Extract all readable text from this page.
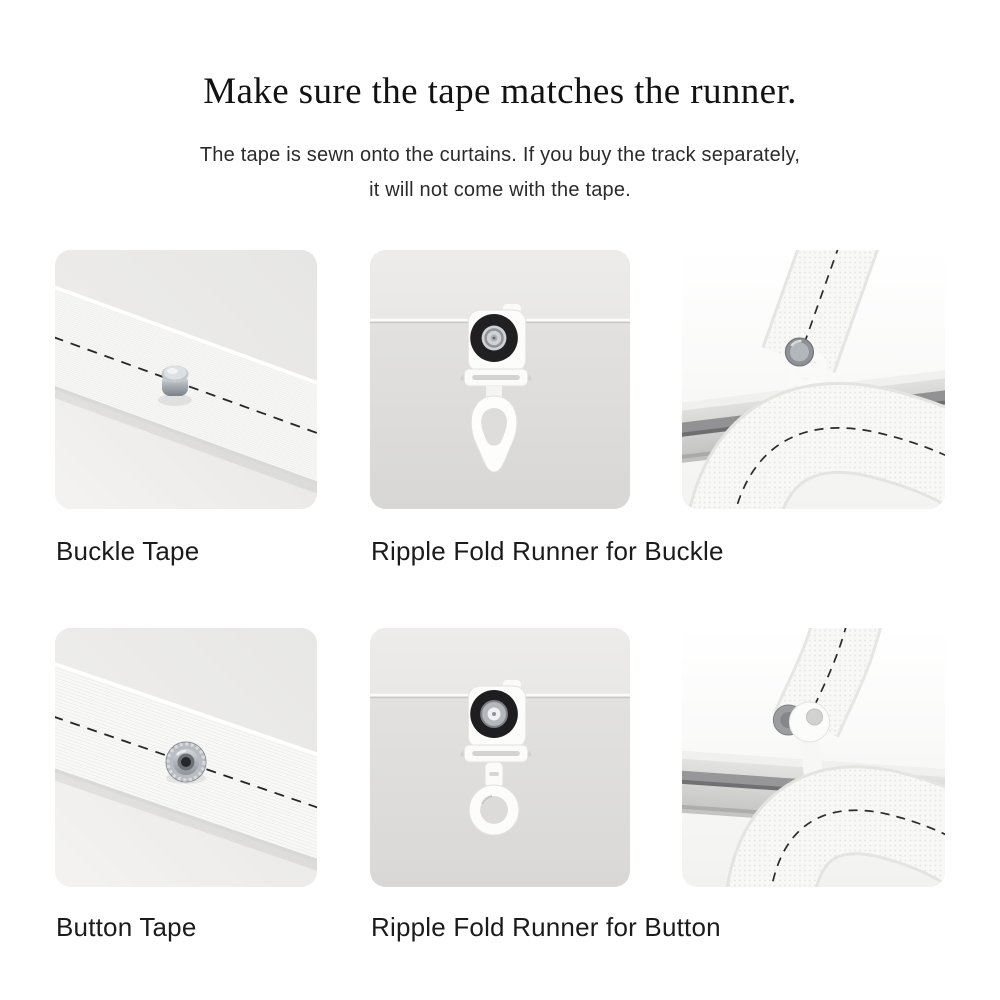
Make sure the tape matches the runner.
The tape is sewn onto the curtains. If you buy the track separately,
it will not come with the tape.
Buckle Tape	Ripple Fold Runner for Buckle
Button Tape	Ripple Fold Runner for Button
